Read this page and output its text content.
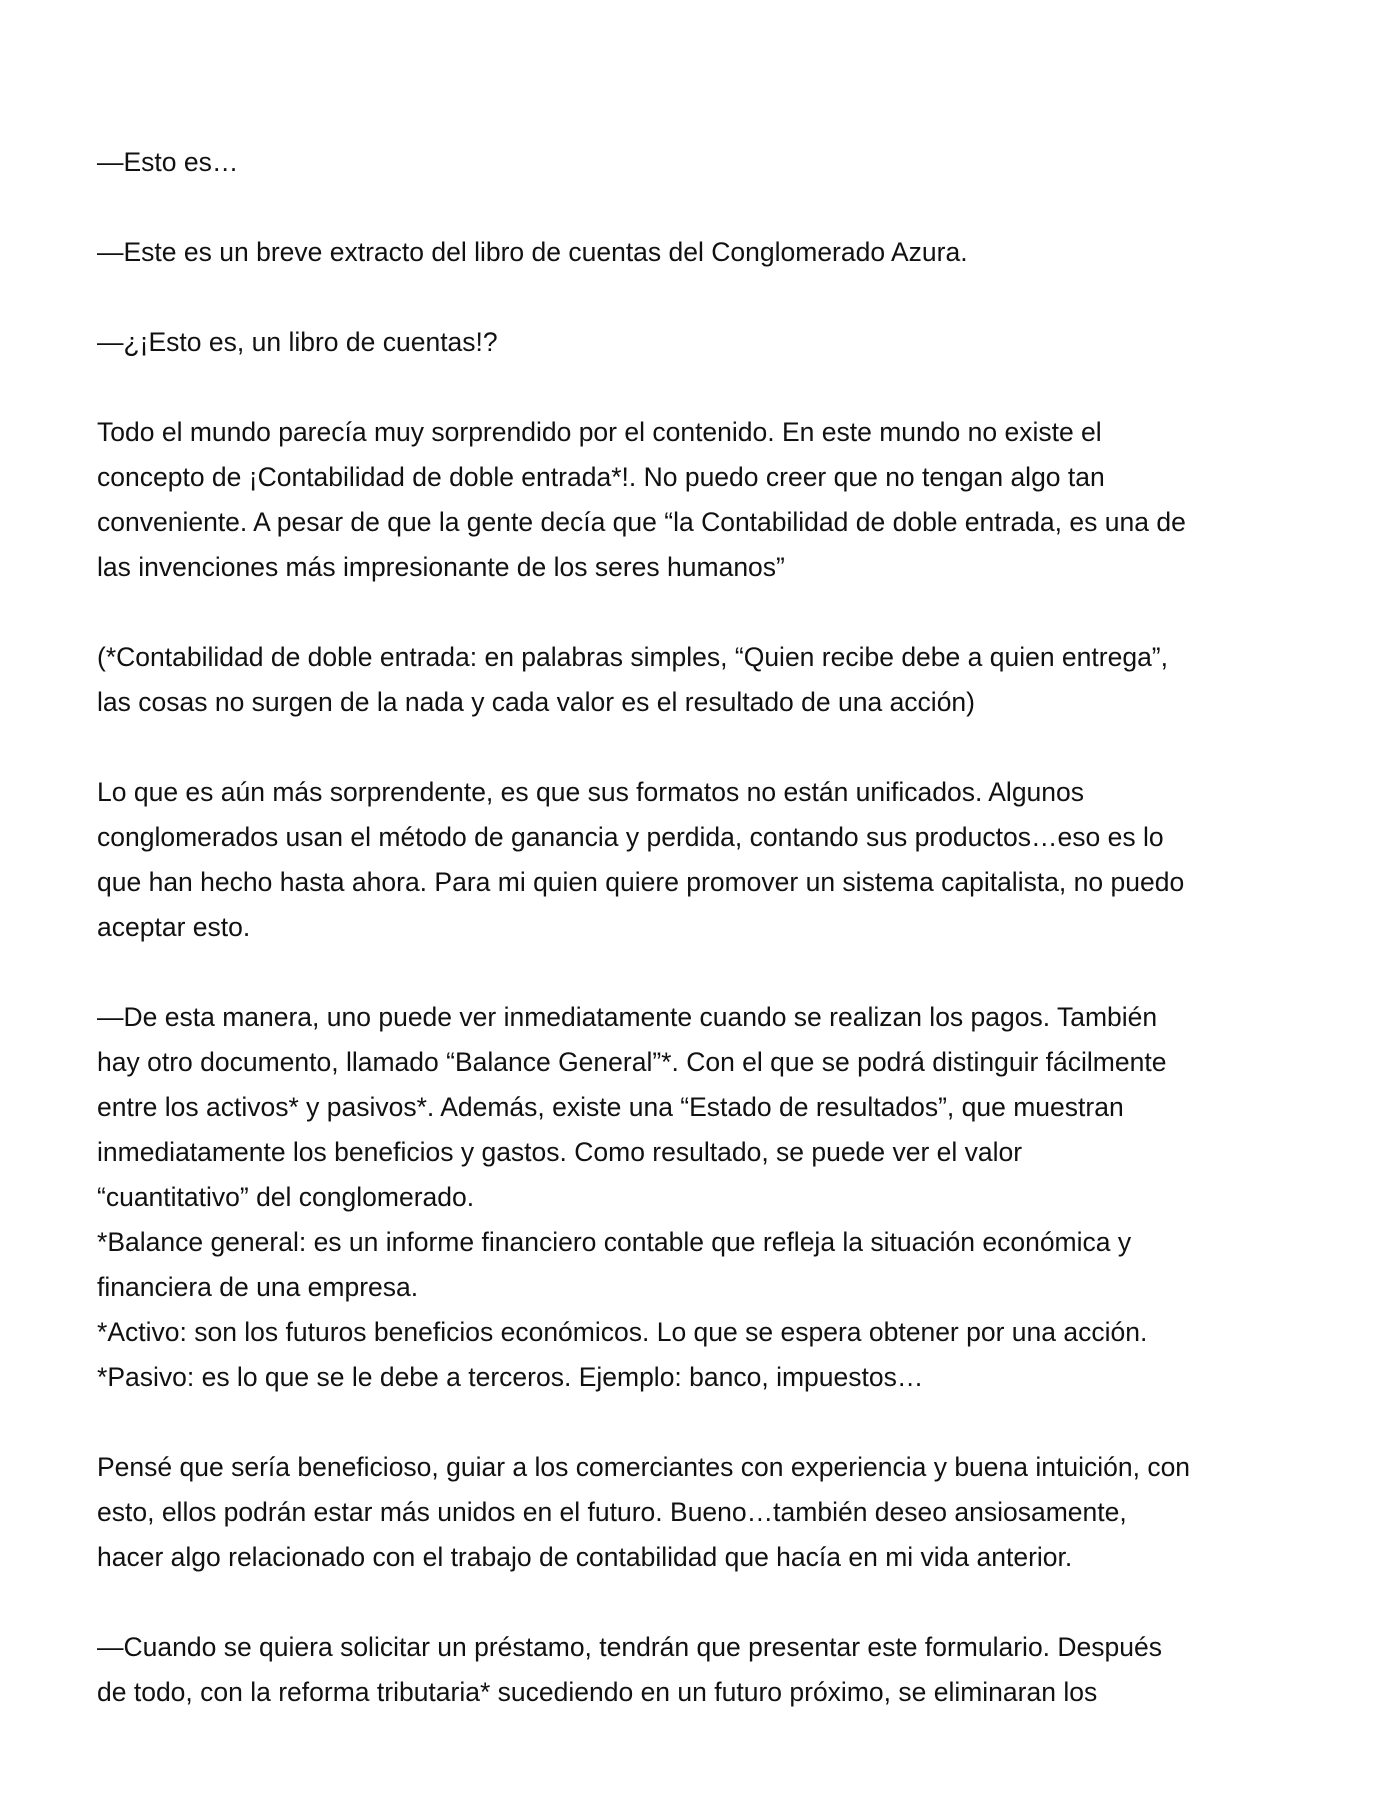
—Esto es…

—Este es un breve extracto del libro de cuentas del Conglomerado Azura.

—¿¡Esto es, un libro de cuentas!?

Todo el mundo parecía muy sorprendido por el contenido. En este mundo no existe el
concepto de ¡Contabilidad de doble entrada*!. No puedo creer que no tengan algo tan
conveniente. A pesar de que la gente decía que “la Contabilidad de doble entrada, es una de
las invenciones más impresionante de los seres humanos”

(*Contabilidad de doble entrada: en palabras simples, “Quien recibe debe a quien entrega”,
las cosas no surgen de la nada y cada valor es el resultado de una acción)

Lo que es aún más sorprendente, es que sus formatos no están unificados. Algunos
conglomerados usan el método de ganancia y perdida, contando sus productos…eso es lo
que han hecho hasta ahora. Para mi quien quiere promover un sistema capitalista, no puedo
aceptar esto.

—De esta manera, uno puede ver inmediatamente cuando se realizan los pagos. También
hay otro documento, llamado “Balance General”*. Con el que se podrá distinguir fácilmente
entre los activos* y pasivos*. Además, existe una “Estado de resultados”, que muestran
inmediatamente los beneficios y gastos. Como resultado, se puede ver el valor
“cuantitativo” del conglomerado.
*Balance general: es un informe financiero contable que refleja la situación económica y
financiera de una empresa.
*Activo: son los futuros beneficios económicos. Lo que se espera obtener por una acción.
*Pasivo: es lo que se le debe a terceros. Ejemplo: banco, impuestos…

Pensé que sería beneficioso, guiar a los comerciantes con experiencia y buena intuición, con
esto, ellos podrán estar más unidos en el futuro. Bueno…también deseo ansiosamente,
hacer algo relacionado con el trabajo de contabilidad que hacía en mi vida anterior.

—Cuando se quiera solicitar un préstamo, tendrán que presentar este formulario. Después
de todo, con la reforma tributaria* sucediendo en un futuro próximo, se eliminaran los
